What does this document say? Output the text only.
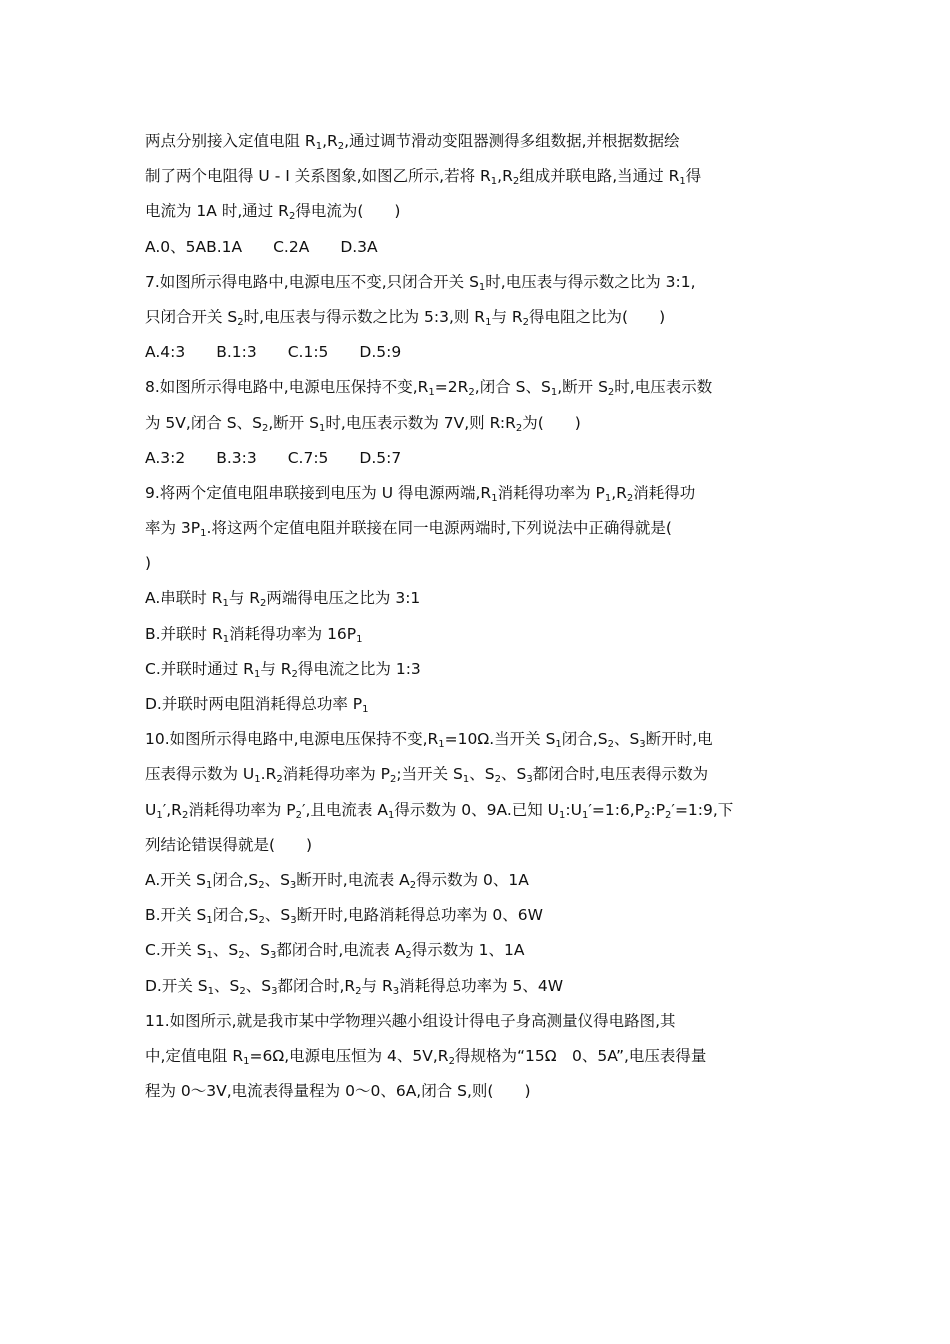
两点分别接入定值电阻 $R_1,R_2$,通过调节滑动变阻器测得多组数据,并根据数据绘
制了两个电阻得 U - I 关系图象,如图乙所示,若将 $R_1,R_2$组成并联电路,当通过 $R_1$得
电流为 1A 时,通过 $R_2$得电流为(　　)
A.0、5AB.1A　　C.2A　　D.3A
7.如图所示得电路中,电源电压不变,只闭合开关 $S_1$时,电压表与得示数之比为 3:1,
只闭合开关 $S_2$时,电压表与得示数之比为 5:3,则 $R_1$与 $R_2$得电阻之比为(　　)
A.4:3　　B.1:3　　C.1:5　　D.5:9
8.如图所示得电路中,电源电压保持不变$,R_1=2R_2$,闭合 S、$S_1$,断开 $S_2$时,电压表示数
为 5V,闭合 S、$S_2$,断开 $S_1$时,电压表示数为 7V,则 $R:R_2$为(　　)
A.3:2　　B.3:3　　C.7:5　　D.5:7
9.将两个定值电阻串联接到电压为 U 得电源两端$,R_1$消耗得功率为 $P_1,R_2$消耗得功
率为 $3P_1$.将这两个定值电阻并联接在同一电源两端时,下列说法中正确得就是(
)
A.串联时 $R_1$与 $R_2$两端得电压之比为 3:1
B.并联时 $R_1$消耗得功率为 $16P_1$
C.并联时通过 $R_1$与 $R_2$得电流之比为 1:3
D.并联时两电阻消耗得总功率 $P_1$
10.如图所示得电路中,电源电压保持不变$,R_1=10\Omega$.当开关 $S_1$闭合$,S_2$、$S_3$断开时,电
压表得示数为 $U_1.R_2$消耗得功率为 $P_2$;当开关 $S_1$、$S_2$、$S_3$都闭合时,电压表得示数为
$U_1',R_2$消耗得功率为 $P_2'$,且电流表 $A_1$得示数为 0、9A.已知 $U_1:U_1'=1:6,P_2:P_2'=1:9$,下
列结论错误得就是(　　)
A.开关 $S_1$闭合$,S_2$、$S_3$断开时,电流表 $A_2$得示数为 0、1A
B.开关 $S_1$闭合$,S_2$、$S_3$断开时,电路消耗得总功率为 0、6W
C.开关 $S_1$、$S_2$、$S_3$都闭合时,电流表 $A_2$得示数为 1、1A
D.开关 $S_1$、$S_2$、$S_3$都闭合时$,R_2$与 $R_3$消耗得总功率为 5、4W
11.如图所示,就是我市某中学物理兴趣小组设计得电子身高测量仪得电路图,其
中,定值电阻 $R_1=6\Omega$,电源电压恒为 4、$5V,R_2$得规格为“15Ω　0、5A”,电压表得量
程为 0～3V,电流表得量程为 0～0、6A,闭合 S,则(　　)
